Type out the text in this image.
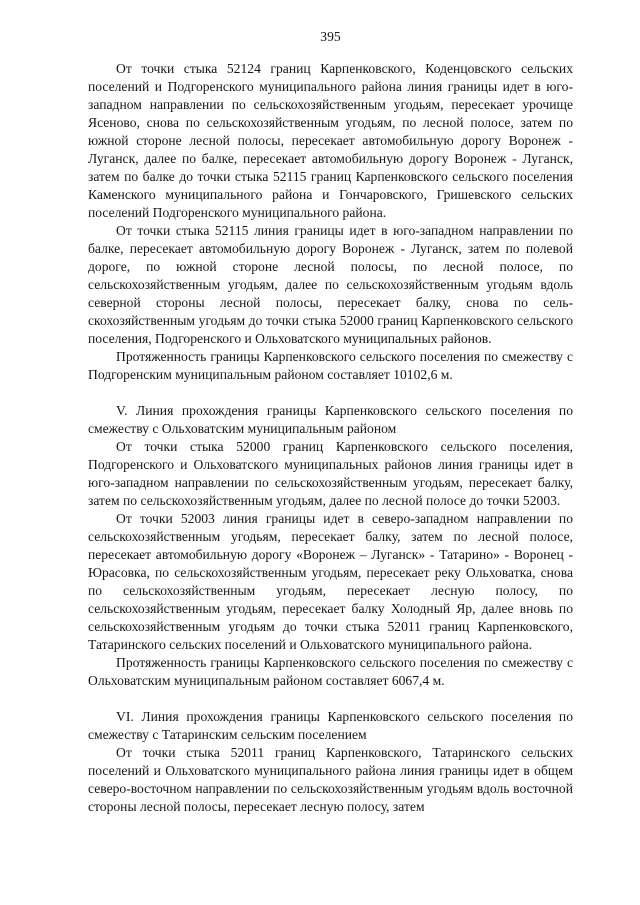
395

От точки стыка 52124 границ Карпенковского, Коденцовского сельских поселений и Подгоренского муниципального района линия границы идет в юго-западном направлении по сельскохозяйственным угодьям, пересекает урочище Ясеново, снова по сельскохозяйственным угодьям, по лесной полосе, затем по южной стороне лесной полосы, пересекает автомобильную дорогу Воронеж - Луганск, далее по балке, пересекает автомобильную дорогу Воронеж - Луганск, затем по балке до точки стыка 52115 границ Карпенковского сельского поселения Каменского муниципального района и Гончаровского, Гришевского сельских поселений Подгоренского муниципального района.

От точки стыка 52115 линия границы идет в юго-западном направлении по балке, пересекает автомобильную дорогу Воронеж - Луганск, затем по полевой дороге, по южной стороне лесной полосы, по лесной полосе, по сельскохозяйственным угодьям, далее по сельскохозяйственным угодьям вдоль северной стороны лесной полосы, пересекает балку, снова по сельскохозяйственным угодьям до точки стыка 52000 границ Карпенковского сельского поселения, Подгоренского и Ольховатского муниципальных районов.

Протяженность границы Карпенковского сельского поселения по смежеству с Подгоренским муниципальным районом составляет 10102,6 м.

V. Линия прохождения границы Карпенковского сельского поселения по смежеству с Ольховатским муниципальным районом

От точки стыка 52000 границ Карпенковского сельского поселения, Подгоренского и Ольховатского муниципальных районов линия границы идет в юго-западном направлении по сельскохозяйственным угодьям, пересекает балку, затем по сельскохозяйственным угодьям, далее по лесной полосе до точки 52003.

От точки 52003 линия границы идет в северо-западном направлении по сельскохозяйственным угодьям, пересекает балку, затем по лесной полосе, пересекает автомобильную дорогу «Воронеж – Луганск» - Татарино» - Воронец - Юрасовка, по сельскохозяйственным угодьям, пересекает реку Ольховатка, снова по сельскохозяйственным угодьям, пересекает лесную полосу, по сельскохозяйственным угодьям, пересекает балку Холодный Яр, далее вновь по сельскохозяйственным угодьям до точки стыка 52011 границ Карпенковского, Татаринского сельских поселений и Ольховатского муниципального района.

Протяженность границы Карпенковского сельского поселения по смежеству с Ольховатским муниципальным районом составляет 6067,4 м.

VI. Линия прохождения границы Карпенковского сельского поселения по смежеству с Татаринским сельским поселением

От точки стыка 52011 границ Карпенковского, Татаринского сельских поселений и Ольховатского муниципального района линия границы идет в общем северо-восточном направлении по сельскохозяйственным угодьям вдоль восточной стороны лесной полосы, пересекает лесную полосу, затем
